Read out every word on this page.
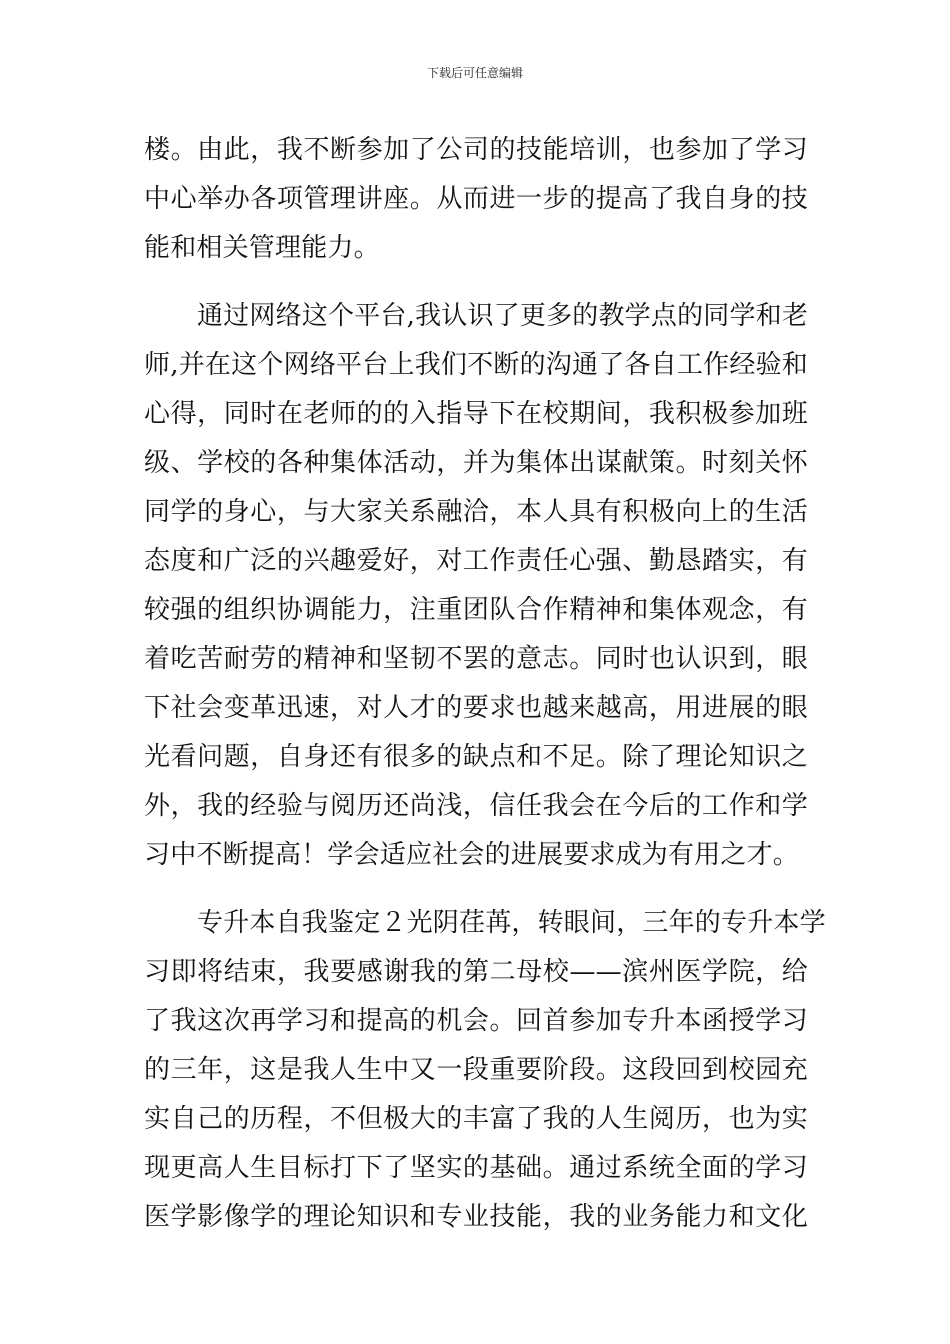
下载后可任意编辑
楼。由此，我不断参加了公司的技能培训，也参加了学习
中心举办各项管理讲座。从而进一步的提高了我自身的技
能和相关管理能力。
通过网络这个平台,我认识了更多的教学点的同学和老
师,并在这个网络平台上我们不断的沟通了各自工作经验和
心得，同时在老师的的入指导下在校期间，我积极参加班
级、学校的各种集体活动，并为集体出谋献策。时刻关怀
同学的身心，与大家关系融洽，本人具有积极向上的生活
态度和广泛的兴趣爱好，对工作责任心强、勤恳踏实，有
较强的组织协调能力，注重团队合作精神和集体观念，有
着吃苦耐劳的精神和坚韧不罢的意志。同时也认识到，眼
下社会变革迅速，对人才的要求也越来越高，用进展的眼
光看问题，自身还有很多的缺点和不足。除了理论知识之
外，我的经验与阅历还尚浅，信任我会在今后的工作和学
习中不断提高！学会适应社会的进展要求成为有用之才。
专升本自我鉴定２光阴荏苒，转眼间，三年的专升本学
习即将结束，我要感谢我的第二母校——滨州医学院，给
了我这次再学习和提高的机会。回首参加专升本函授学习
的三年，这是我人生中又一段重要阶段。这段回到校园充
实自己的历程，不但极大的丰富了我的人生阅历，也为实
现更高人生目标打下了坚实的基础。通过系统全面的学习
医学影像学的理论知识和专业技能，我的业务能力和文化
